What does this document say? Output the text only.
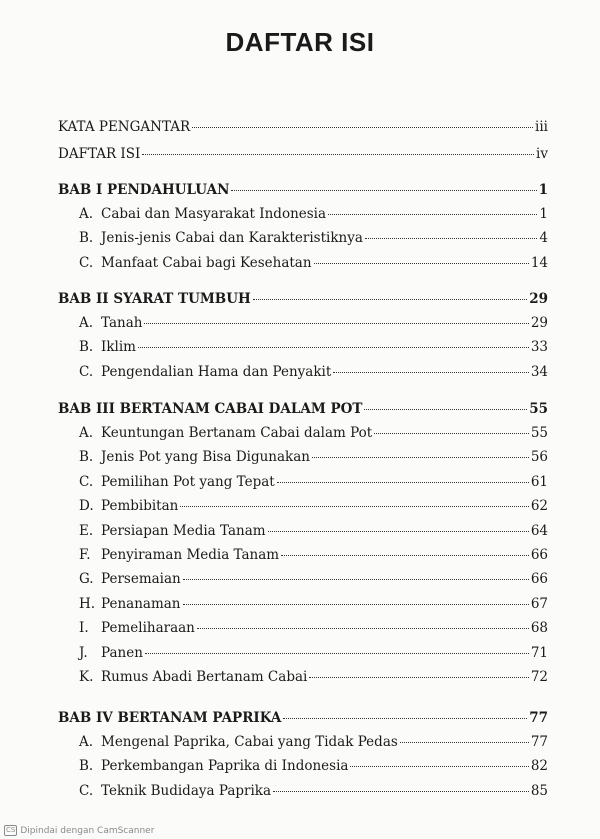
DAFTAR ISI
KATA PENGANTAR	iii
DAFTAR ISI	iv
BAB I PENDAHULUAN	1
A. Cabai dan Masyarakat Indonesia	1
B. Jenis-jenis Cabai dan Karakteristiknya	4
C. Manfaat Cabai bagi Kesehatan	14
BAB II SYARAT TUMBUH	29
A. Tanah	29
B. Iklim	33
C. Pengendalian Hama dan Penyakit	34
BAB III BERTANAM CABAI DALAM POT	55
A. Keuntungan Bertanam Cabai dalam Pot	55
B. Jenis Pot yang Bisa Digunakan	56
C. Pemilihan Pot yang Tepat	61
D. Pembibitan	62
E. Persiapan Media Tanam	64
F. Penyiraman Media Tanam	66
G. Persemaian	66
H. Penanaman	67
I. Pemeliharaan	68
J. Panen	71
K. Rumus Abadi Bertanam Cabai	72
BAB IV BERTANAM PAPRIKA	77
A. Mengenal Paprika, Cabai yang Tidak Pedas	77
B. Perkembangan Paprika di Indonesia	82
C. Teknik Budidaya Paprika	85
CS Dipindai dengan CamScanner
